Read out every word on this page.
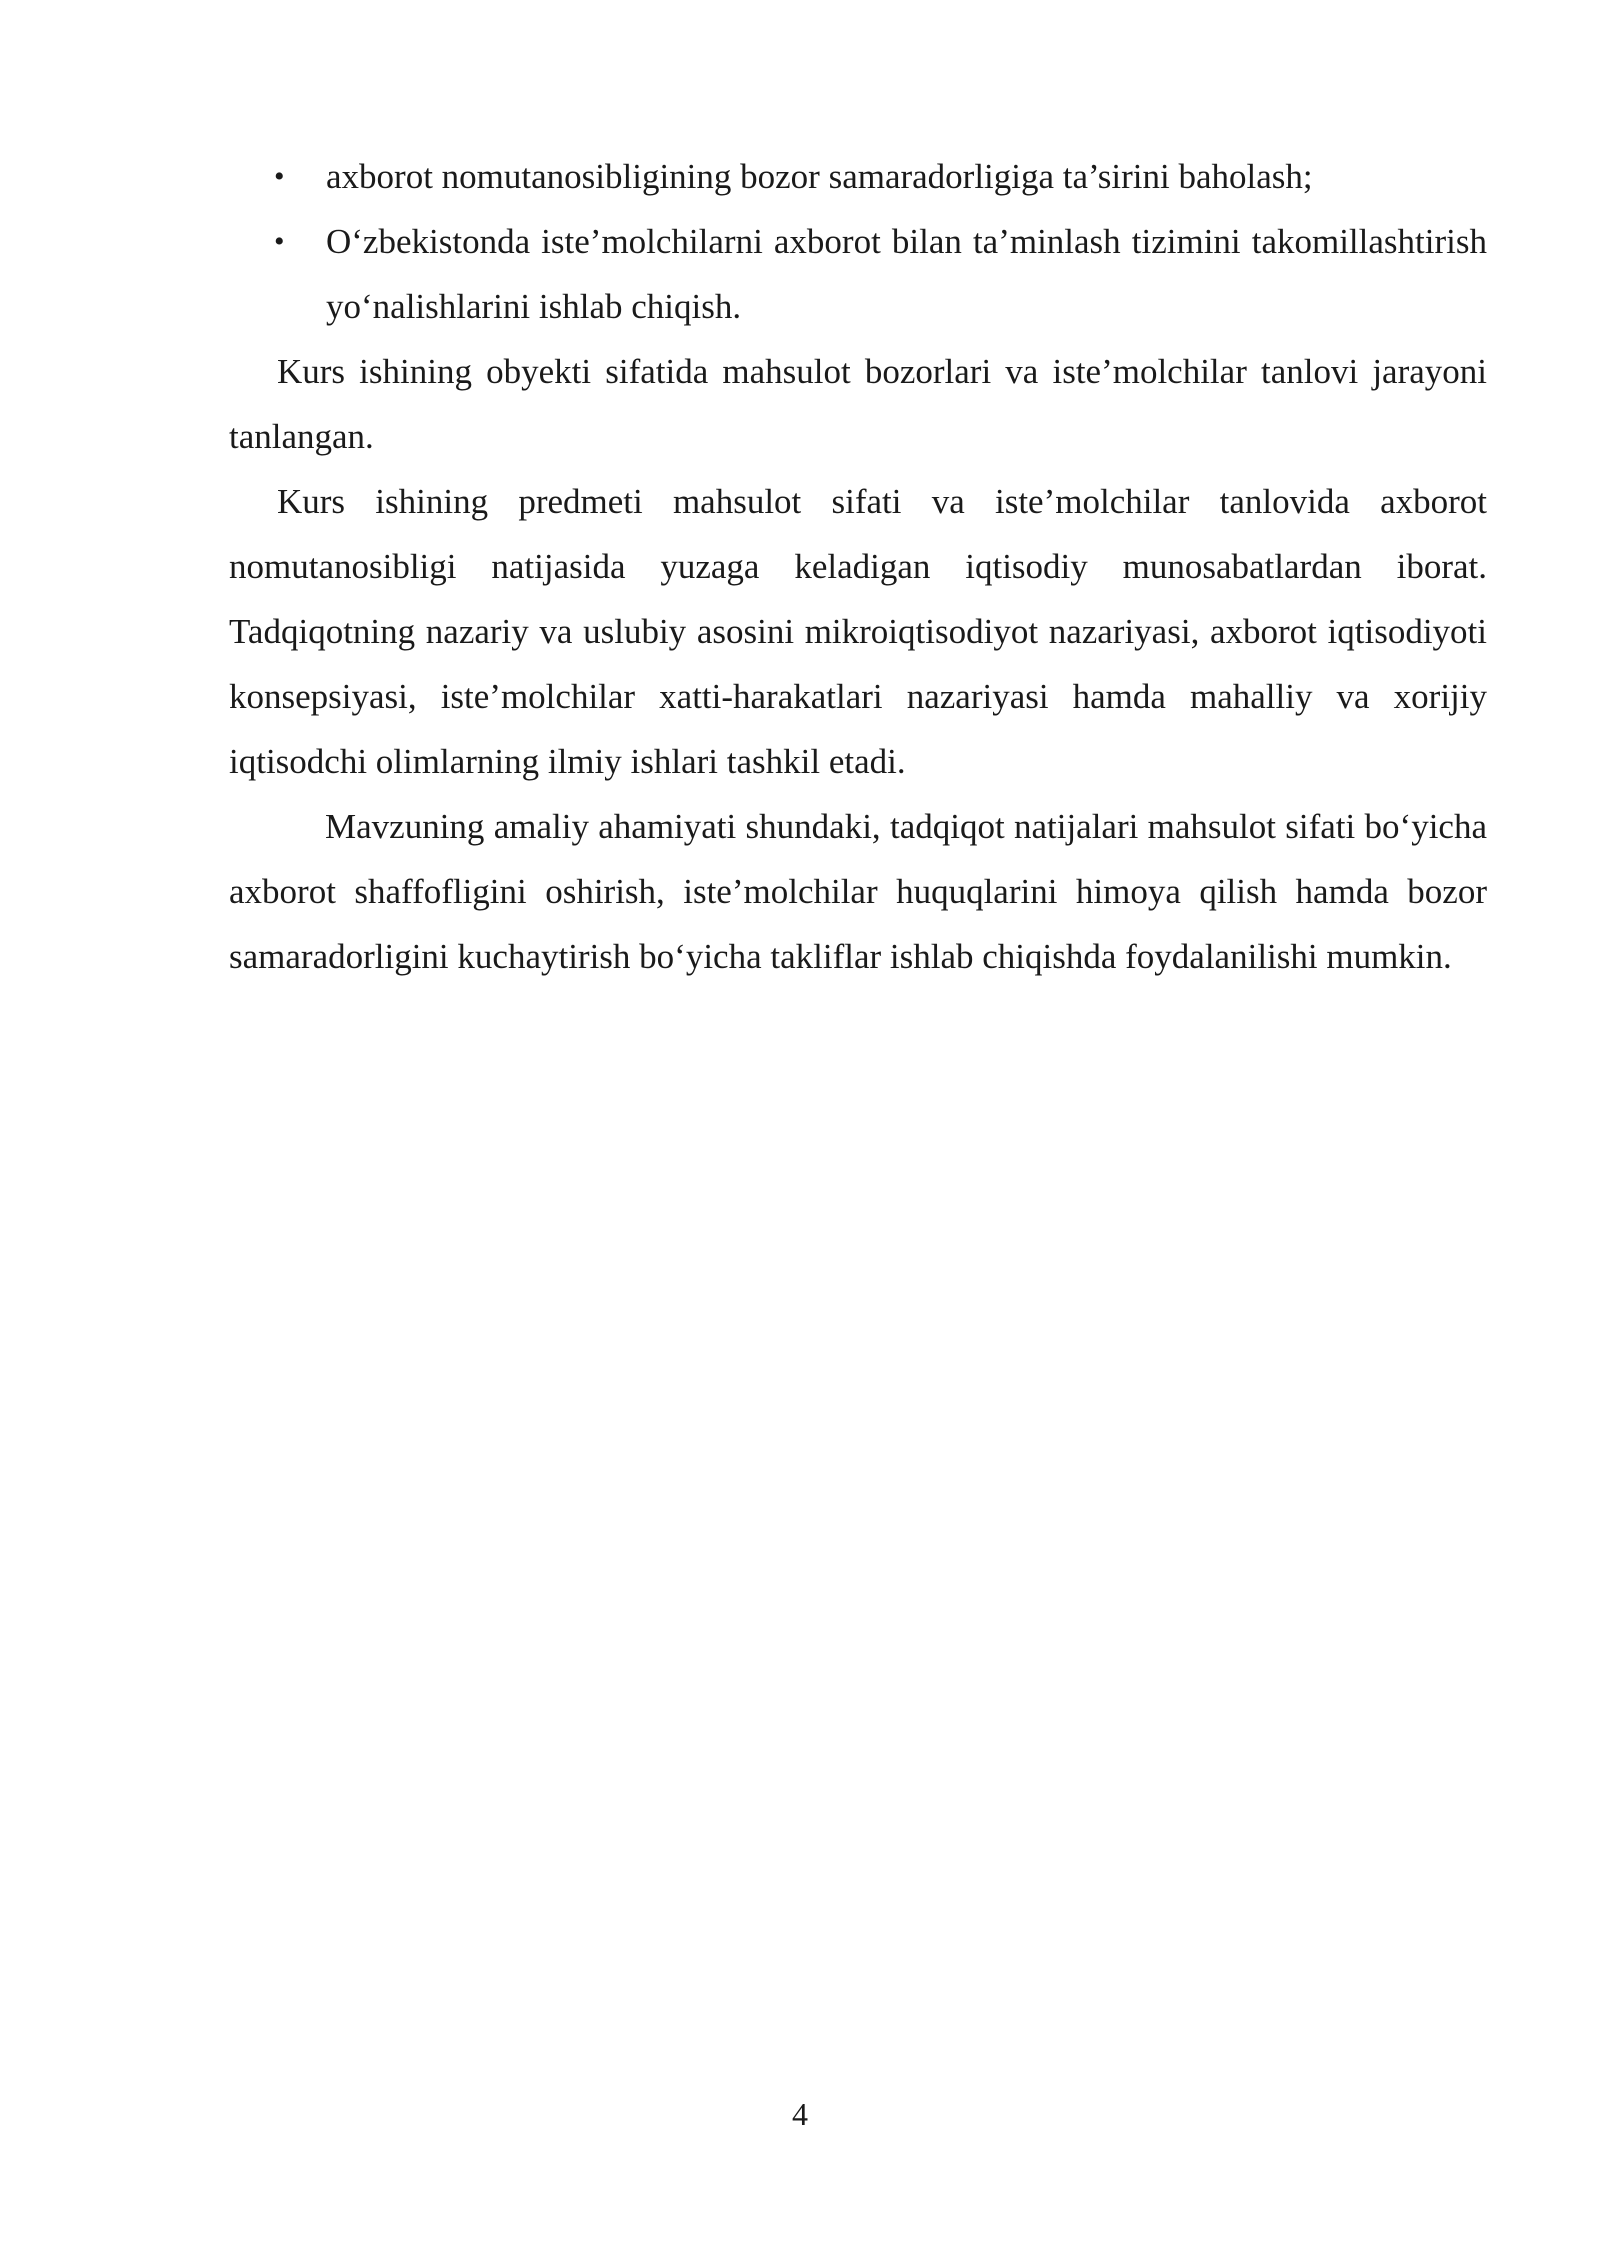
• axborot nomutanosibligining bozor samaradorligiga ta’sirini baholash;
• O‘zbekistonda iste’molchilarni axborot bilan ta’minlash tizimini takomillashtirish yo‘nalishlarini ishlab chiqish.

Kurs ishining obyekti sifatida mahsulot bozorlari va iste’molchilar tanlovi jarayoni tanlangan.

Kurs ishining predmeti mahsulot sifati va iste’molchilar tanlovida axborot nomutanosibligi natijasida yuzaga keladigan iqtisodiy munosabatlardan iborat. Tadqiqotning nazariy va uslubiy asosini mikroiqtisodiyot nazariyasi, axborot iqtisodiyoti konsepsiyasi, iste’molchilar xatti-harakatlari nazariyasi hamda mahalliy va xorijiy iqtisodchi olimlarning ilmiy ishlari tashkil etadi.

Mavzuning amaliy ahamiyati shundaki, tadqiqot natijalari mahsulot sifati bo‘yicha axborot shaffofligini oshirish, iste’molchilar huquqlarini himoya qilish hamda bozor samaradorligini kuchaytirish bo‘yicha takliflar ishlab chiqishda foydalanilishi mumkin.

4
